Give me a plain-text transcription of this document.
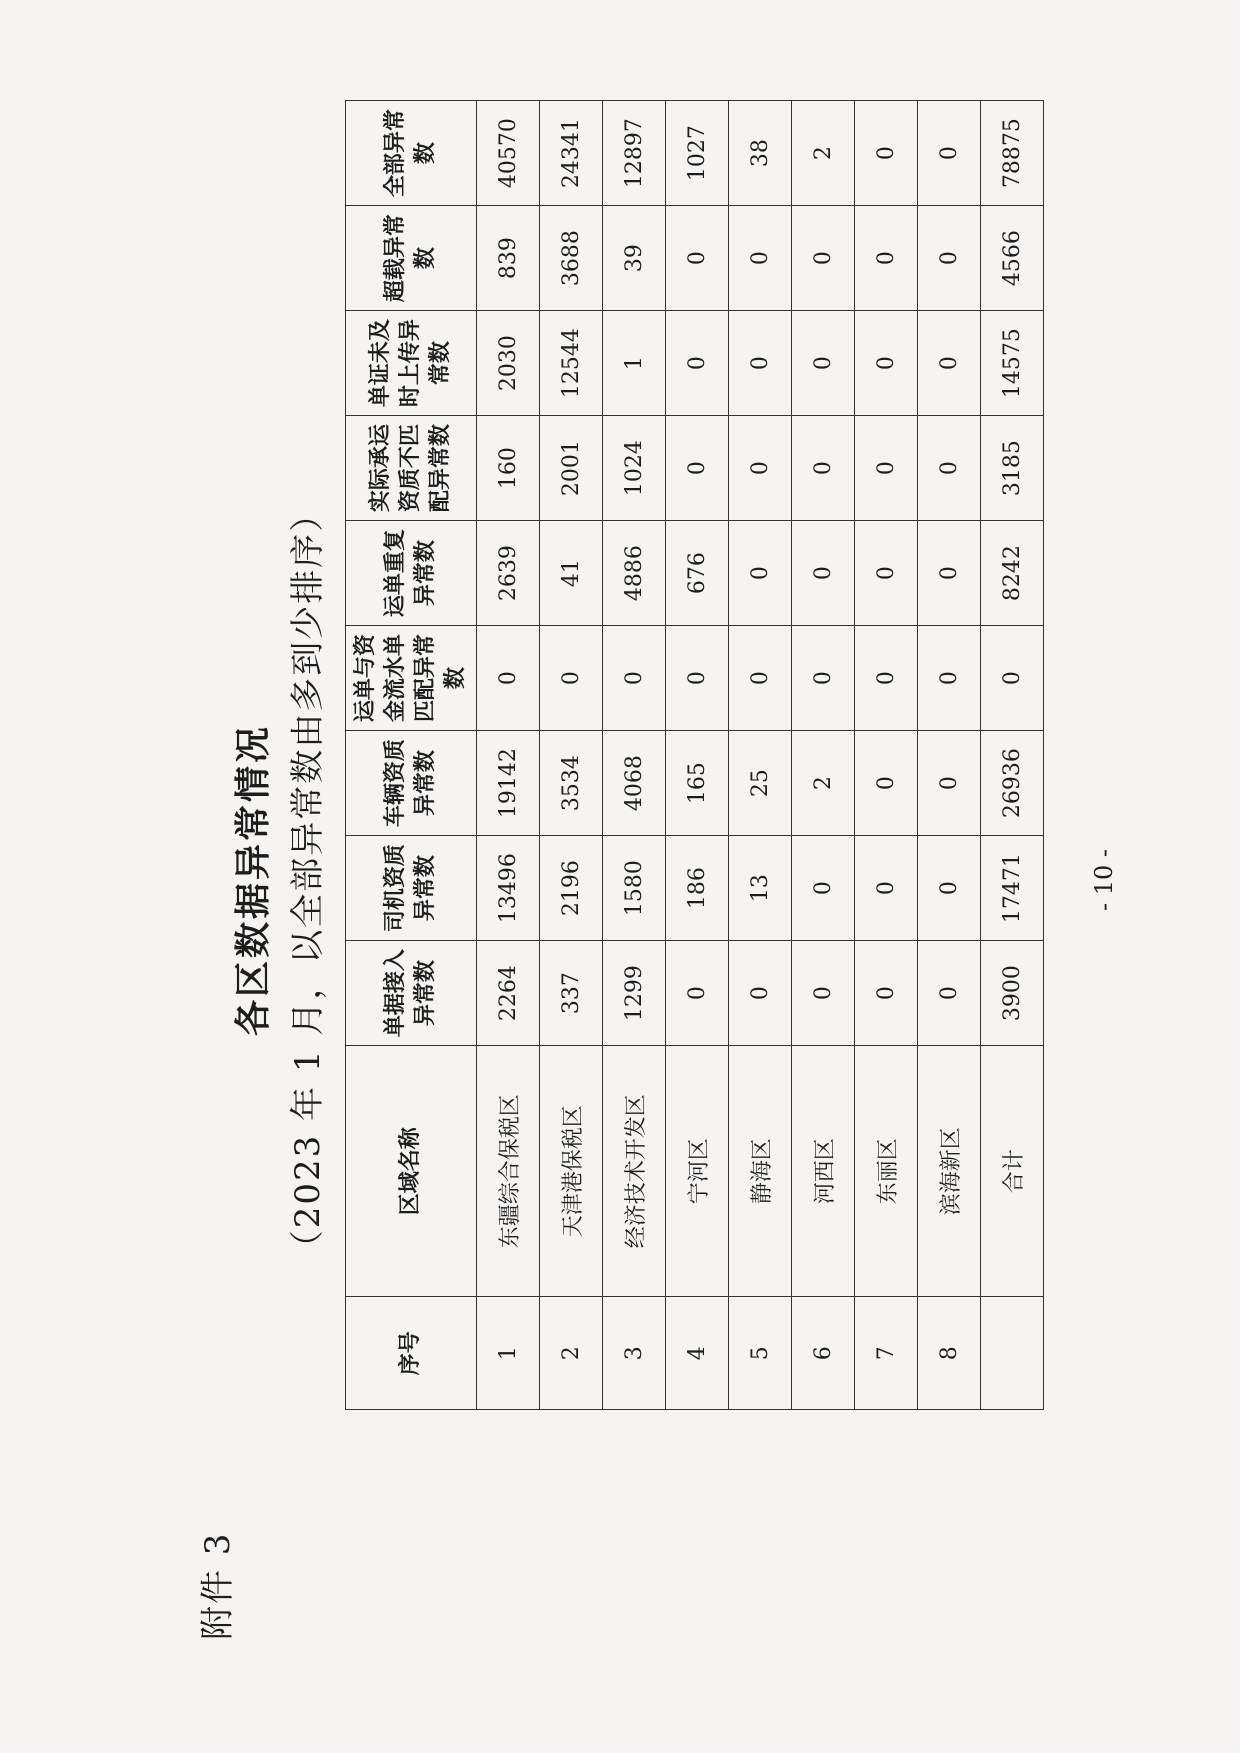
附件 3
各区数据异常情况 （2023 年 1 月，以全部异常数由多到少排序）
序号	区域名称	单据接入异常数	司机资质异常数	车辆资质异常数	运单与资金流水单匹配异常数	运单重复异常数	实际承运资质不匹配异常数	单证未及时上传异常数	超载异常数	全部异常数
1	东疆综合保税区	2264	13496	19142	0	2639	160	2030	839	40570
2	天津港保税区	337	2196	3534	0	41	2001	12544	3688	24341
3	经济技术开发区	1299	1580	4068	0	4886	1024	1	39	12897
4	宁河区	0	186	165	0	676	0	0	0	1027
5	静海区	0	13	25	0	0	0	0	0	38
6	河西区	0	0	2	0	0	0	0	0	2
7	东丽区	0	0	0	0	0	0	0	0	0
8	滨海新区	0	0	0	0	0	0	0	0	0
	合计	3900	17471	26936	0	8242	3185	14575	4566	78875
- 10 -
